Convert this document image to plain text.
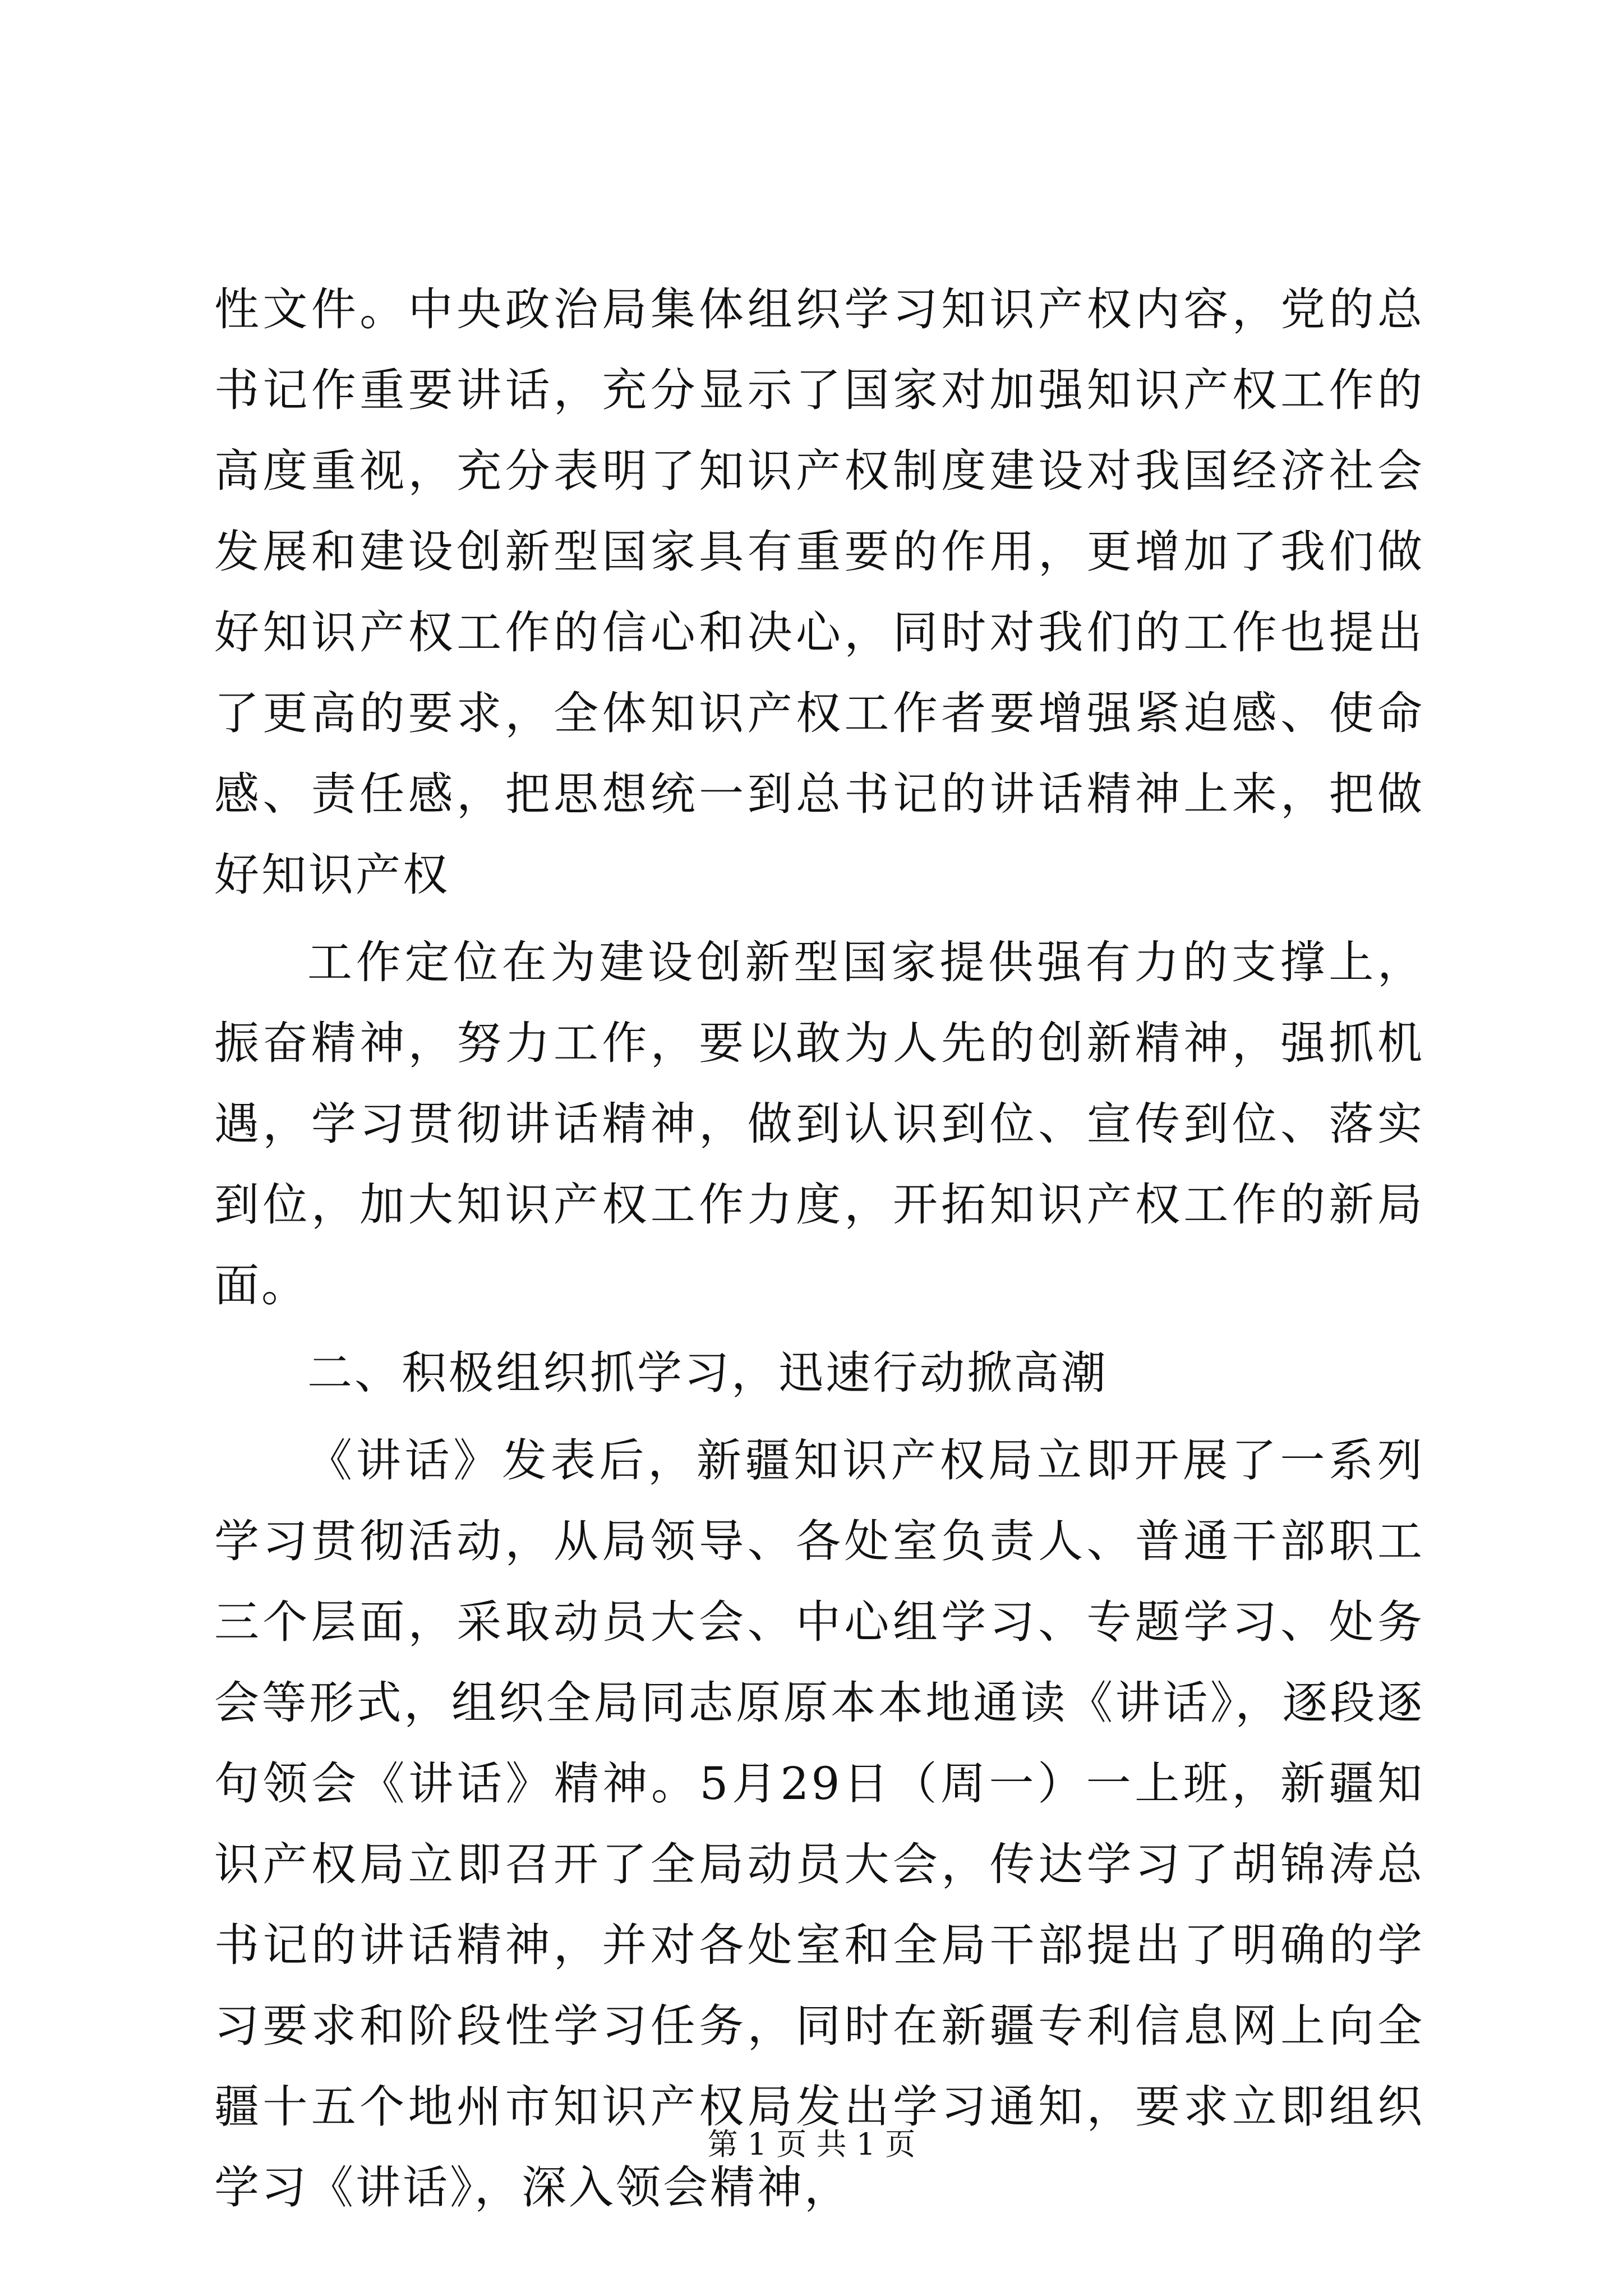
性文件。中央政治局集体组织学习知识产权内容，党的总书记作重要讲话，充分显示了国家对加强知识产权工作的高度重视，充分表明了知识产权制度建设对我国经济社会发展和建设创新型国家具有重要的作用，更增加了我们做好知识产权工作的信心和决心，同时对我们的工作也提出了更高的要求，全体知识产权工作者要增强紧迫感、使命感、责任感，把思想统一到总书记的讲话精神上来，把做好知识产权

工作定位在为建设创新型国家提供强有力的支撑上，振奋精神，努力工作，要以敢为人先的创新精神，强抓机遇，学习贯彻讲话精神，做到认识到位、宣传到位、落实到位，加大知识产权工作力度，开拓知识产权工作的新局面。

二、积极组织抓学习，迅速行动掀高潮

《讲话》发表后，新疆知识产权局立即开展了一系列学习贯彻活动，从局领导、各处室负责人、普通干部职工三个层面，采取动员大会、中心组学习、专题学习、处务会等形式，组织全局同志原原本本地通读《讲话》，逐段逐句领会《讲话》精神。5月29日（周一）一上班，新疆知识产权局立即召开了全局动员大会，传达学习了胡锦涛总书记的讲话精神，并对各处室和全局干部提出了明确的学习要求和阶段性学习任务，同时在新疆专利信息网上向全疆十五个地州市知识产权局发出学习通知，要求立即组织学习《讲话》，深入领会精神，

第 1 页 共 1 页
